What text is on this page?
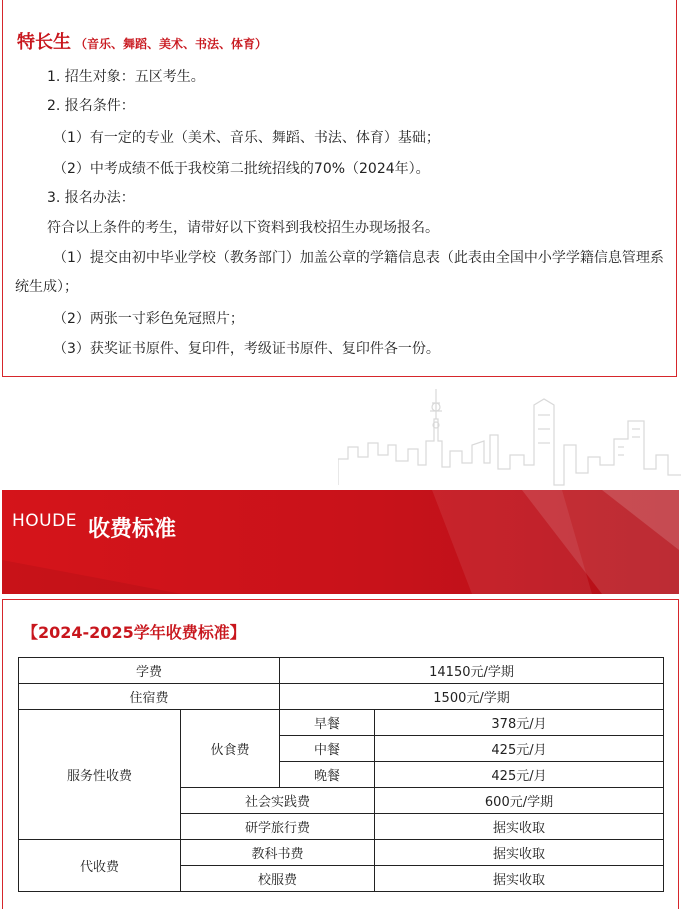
特长生 （音乐、舞蹈、美术、书法、体育）
1. 招生对象：五区考生。
2. 报名条件：
（1）有一定的专业（美术、音乐、舞蹈、书法、体育）基础；
（2）中考成绩不低于我校第二批统招线的70%（2024年）。
3. 报名办法：
符合以上条件的考生，请带好以下资料到我校招生办现场报名。
（1）提交由初中毕业学校（教务部门）加盖公章的学籍信息表（此表由全国中小学学籍信息管理系统生成）；
（2）两张一寸彩色免冠照片；
（3）获奖证书原件、复印件，考级证书原件、复印件各一份。
HOUDE 收费标准
【2024-2025学年收费标准】
学费		14150元/学期	
住宿费		1500元/学期	
服务性收费	伙食费	早餐	378元/月
		中餐	425元/月
		晚餐	425元/月
	社会实践费		600元/学期
	研学旅行费		据实收取
代收费	教科书费		据实收取
	校服费		据实收取
